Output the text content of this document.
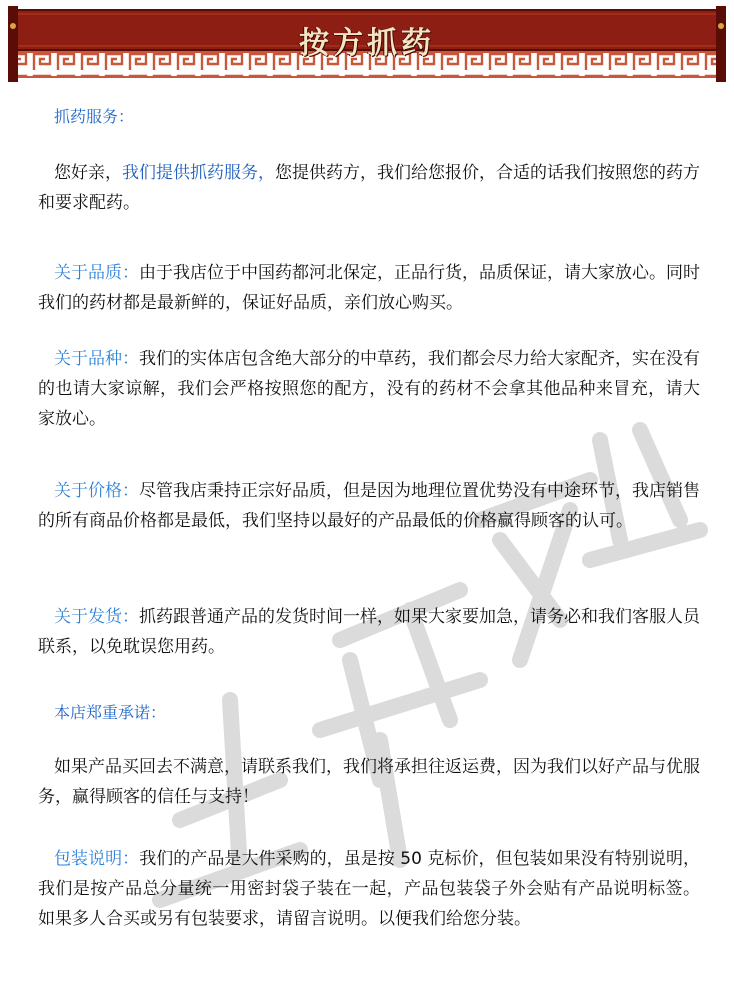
按方抓药
抓药服务：

您好亲，我们提供抓药服务，您提供药方，我们给您报价，合适的话我们按照您的药方和要求配药。

关于品质：由于我店位于中国药都河北保定，正品行货，品质保证，请大家放心。同时我们的药材都是最新鲜的，保证好品质，亲们放心购买。

关于品种：我们的实体店包含绝大部分的中草药，我们都会尽力给大家配齐，实在没有的也请大家谅解，我们会严格按照您的配方，没有的药材不会拿其他品种来冒充，请大家放心。

关于价格：尽管我店秉持正宗好品质，但是因为地理位置优势没有中途环节，我店销售的所有商品价格都是最低，我们坚持以最好的产品最低的价格赢得顾客的认可。

关于发货：抓药跟普通产品的发货时间一样，如果大家要加急，请务必和我们客服人员联系，以免耽误您用药。

本店郑重承诺：

如果产品买回去不满意，请联系我们，我们将承担往返运费，因为我们以好产品与优服务，赢得顾客的信任与支持！

包装说明：我们的产品是大件采购的，虽是按 50 克标价，但包装如果没有特别说明，我们是按产品总分量统一用密封袋子装在一起，产品包装袋子外会贴有产品说明标签。如果多人合买或另有包装要求，请留言说明。以便我们给您分装。
